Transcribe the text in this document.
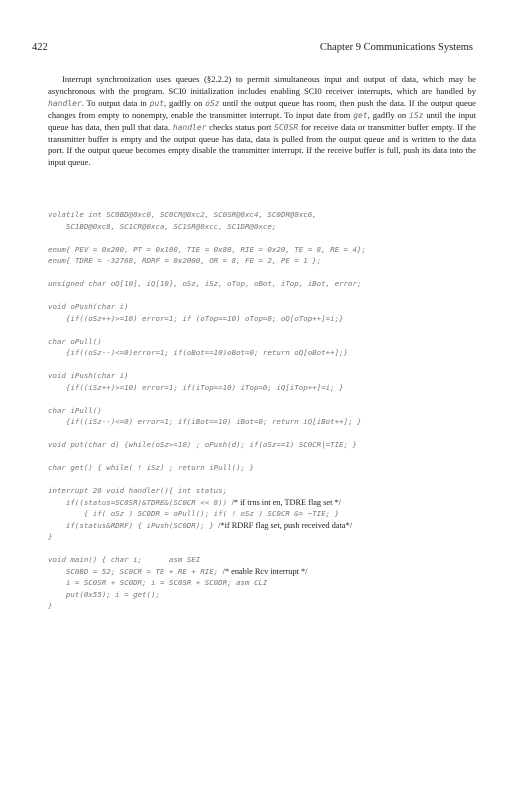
422	Chapter 9 Communications Systems

Interrupt synchronization uses queues (§2.2.2) to permit simultaneous input and output of data, which may be asynchronous with the program. SCI0 initialization includes enabling SCI0 receiver interrupts, which are handled by handler. To output data in put, gadfly on oSz until the output queue has room, then push the data. If the output queue changes from empty to nonempty, enable the transmitter interrupt. To input date from get, gadfly on iSz until the input queue has data, then pull that data. handler checks status port SC0SR for receive data or transmitter buffer empty. If the transmitter buffer is empty and the output queue has data, data is pulled from the output queue and is written to the data port. If the output queue becomes empty disable the transmitter interrupt. If the receive buffer is full, push its data into the input queue.

volatile int SC0BD@0xc0, SC0CR@0xc2, SC0SR@0xc4, SC0DR@0xc6,
SC1BD@0xc8, SC1CR@0xca, SC1SR@0xcc, SC1DR@0xce;
enum{ PEV = 0x200, PT = 0x100, TIE = 0x80, RIE = 0x20, TE = 8, RE = 4};
enum{ TDRE = -32768, RDRF = 0x2000, OR = 8, FE = 2, PE = 1 };
unsigned char oQ[10], iQ[10], oSz, iSz, oTop, oBot, iTop, iBot, error;
void oPush(char i)
{if((oSz++)>=10) error=1; if (oTop==10) oTop=0; oQ[oTop++]=i;}
char oPull()
{if((oSz--)<=0)error=1; if(oBot==10)oBot=0; return oQ[oBot++];}
void iPush(char i)
{if((iSz++)>=10) error=1; if(iTop==10) iTop=0; iQ[iTop++]=i; }
char iPull()
{if((iSz--)<=0) error=1; if(iBot==10) iBot=0; return iQ[iBot++]; }
void put(char d) {while(oSz>=10) ; oPush(d); if(oSz==1) SC0CR|=TIE; }
char get() { while( ! iSz) ; return iPull(); }
interrupt 20 void handler(){ int status;
if((status=SC0SR)&TDRE&(SC0CR << 8)) /* if trns int en, TDRE flag set */
{ if( oSz ) SC0DR = oPull(); if( ! oSz ) SC0CR &= ~TIE; }
if(status&RDRF) { iPush(SC0DR); } /*if RDRF flag set, push received data*/
}
void main() { char i;      asm SEI
SC0BD = 52; SC0CR = TE + RE + RIE; /* enable Rcv interrupt */
i = SC0SR + SC0DR; i = SC0SR + SC0DR; asm CLI
put(0x55); i = get();
}
